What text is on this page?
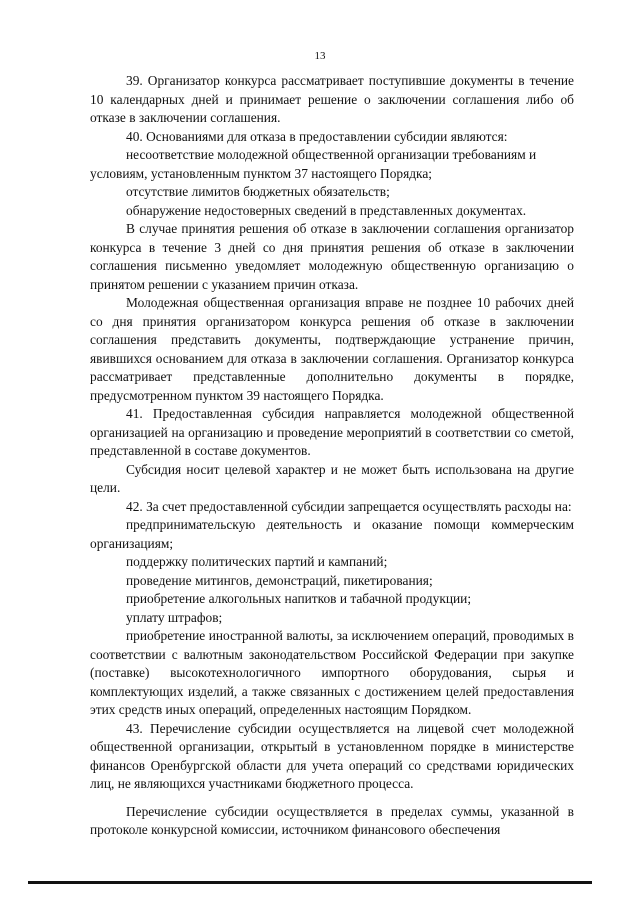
13

39. Организатор конкурса рассматривает поступившие документы в течение 10 календарных дней и принимает решение о заключении соглашения либо об отказе в заключении соглашения.

40. Основаниями для отказа в предоставлении субсидии являются:

несоответствие молодежной общественной организации требованиям и
условиям, установленным пунктом 37 настоящего Порядка;

отсутствие лимитов бюджетных обязательств;

обнаружение недостоверных сведений в представленных документах.

В случае принятия решения об отказе в заключении соглашения организатор конкурса в течение 3 дней со дня принятия решения об отказе в заключении соглашения письменно уведомляет молодежную общественную организацию о принятом решении с указанием причин отказа.

Молодежная общественная организация вправе не позднее 10 рабочих дней со дня принятия организатором конкурса решения об отказе в заключении соглашения представить документы, подтверждающие устранение причин, явившихся основанием для отказа в заключении соглашения. Организатор конкурса рассматривает представленные дополнительно документы в порядке, предусмотренном пунктом 39 настоящего Порядка.

41. Предоставленная субсидия направляется молодежной общественной организацией на организацию и проведение мероприятий в соответствии со сметой, представленной в составе документов.

Субсидия носит целевой характер и не может быть использована на другие цели.

42. За счет предоставленной субсидии запрещается осуществлять расходы на:

предпринимательскую деятельность и оказание помощи коммерческим организациям;

поддержку политических партий и кампаний;

проведение митингов, демонстраций, пикетирования;

приобретение алкогольных напитков и табачной продукции;

уплату штрафов;

приобретение иностранной валюты, за исключением операций, проводимых в соответствии с валютным законодательством Российской Федерации при закупке (поставке) высокотехнологичного импортного оборудования, сырья и комплектующих изделий, а также связанных с достижением целей предоставления этих средств иных операций, определенных настоящим Порядком.

43. Перечисление субсидии осуществляется на лицевой счет молодежной общественной организации, открытый в установленном порядке в министерстве финансов Оренбургской области для учета операций со средствами юридических лиц, не являющихся участниками бюджетного процесса.

Перечисление субсидии осуществляется в пределах суммы, указанной в протоколе конкурсной комиссии, источником финансового обеспечения
